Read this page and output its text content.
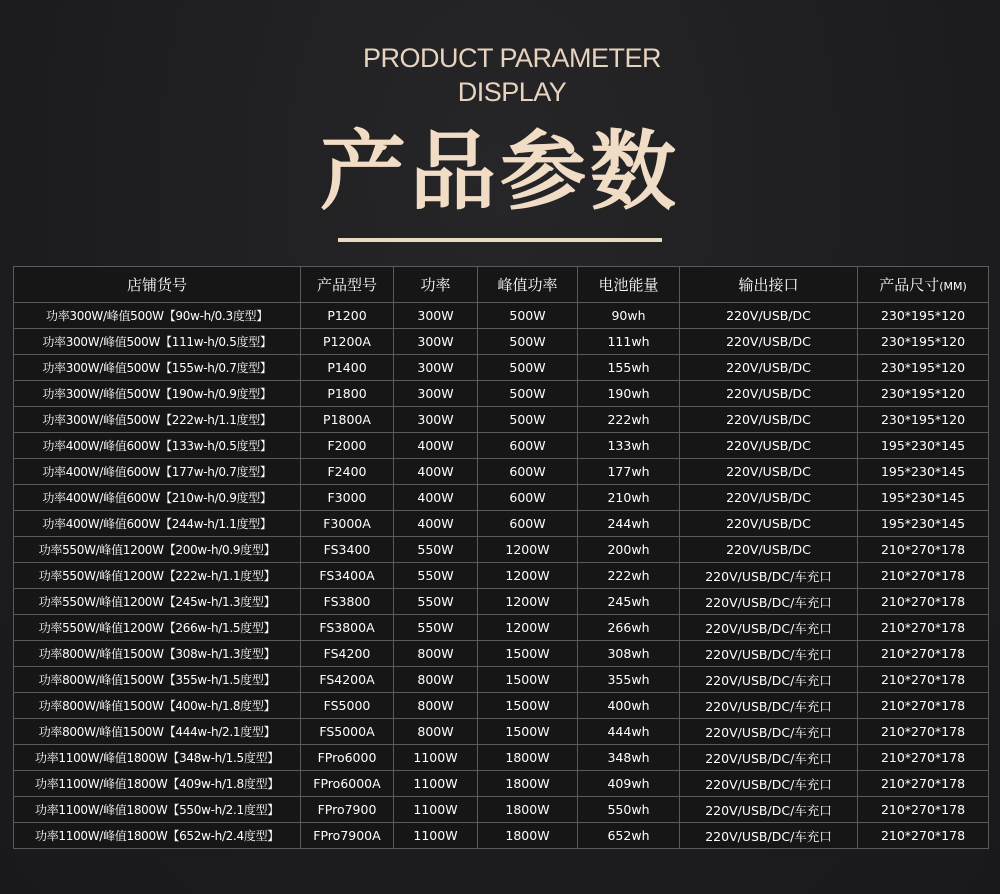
PRODUCT PARAMETER
DISPLAY
产品参数
店铺货号	产品型号	功率	峰值功率	电池能量	输出接口	产品尺寸(MM)
功率300W/峰值500W【90w-h/0.3度型】	P1200	300W	500W	90wh	220V/USB/DC	230*195*120
功率300W/峰值500W【111w-h/0.5度型】	P1200A	300W	500W	111wh	220V/USB/DC	230*195*120
功率300W/峰值500W【155w-h/0.7度型】	P1400	300W	500W	155wh	220V/USB/DC	230*195*120
功率300W/峰值500W【190w-h/0.9度型】	P1800	300W	500W	190wh	220V/USB/DC	230*195*120
功率300W/峰值500W【222w-h/1.1度型】	P1800A	300W	500W	222wh	220V/USB/DC	230*195*120
功率400W/峰值600W【133w-h/0.5度型】	F2000	400W	600W	133wh	220V/USB/DC	195*230*145
功率400W/峰值600W【177w-h/0.7度型】	F2400	400W	600W	177wh	220V/USB/DC	195*230*145
功率400W/峰值600W【210w-h/0.9度型】	F3000	400W	600W	210wh	220V/USB/DC	195*230*145
功率400W/峰值600W【244w-h/1.1度型】	F3000A	400W	600W	244wh	220V/USB/DC	195*230*145
功率550W/峰值1200W【200w-h/0.9度型】	FS3400	550W	1200W	200wh	220V/USB/DC	210*270*178
功率550W/峰值1200W【222w-h/1.1度型】	FS3400A	550W	1200W	222wh	220V/USB/DC/车充口	210*270*178
功率550W/峰值1200W【245w-h/1.3度型】	FS3800	550W	1200W	245wh	220V/USB/DC/车充口	210*270*178
功率550W/峰值1200W【266w-h/1.5度型】	FS3800A	550W	1200W	266wh	220V/USB/DC/车充口	210*270*178
功率800W/峰值1500W【308w-h/1.3度型】	FS4200	800W	1500W	308wh	220V/USB/DC/车充口	210*270*178
功率800W/峰值1500W【355w-h/1.5度型】	FS4200A	800W	1500W	355wh	220V/USB/DC/车充口	210*270*178
功率800W/峰值1500W【400w-h/1.8度型】	FS5000	800W	1500W	400wh	220V/USB/DC/车充口	210*270*178
功率800W/峰值1500W【444w-h/2.1度型】	FS5000A	800W	1500W	444wh	220V/USB/DC/车充口	210*270*178
功率1100W/峰值1800W【348w-h/1.5度型】	FPro6000	1100W	1800W	348wh	220V/USB/DC/车充口	210*270*178
功率1100W/峰值1800W【409w-h/1.8度型】	FPro6000A	1100W	1800W	409wh	220V/USB/DC/车充口	210*270*178
功率1100W/峰值1800W【550w-h/2.1度型】	FPro7900	1100W	1800W	550wh	220V/USB/DC/车充口	210*270*178
功率1100W/峰值1800W【652w-h/2.4度型】	FPro7900A	1100W	1800W	652wh	220V/USB/DC/车充口	210*270*178
